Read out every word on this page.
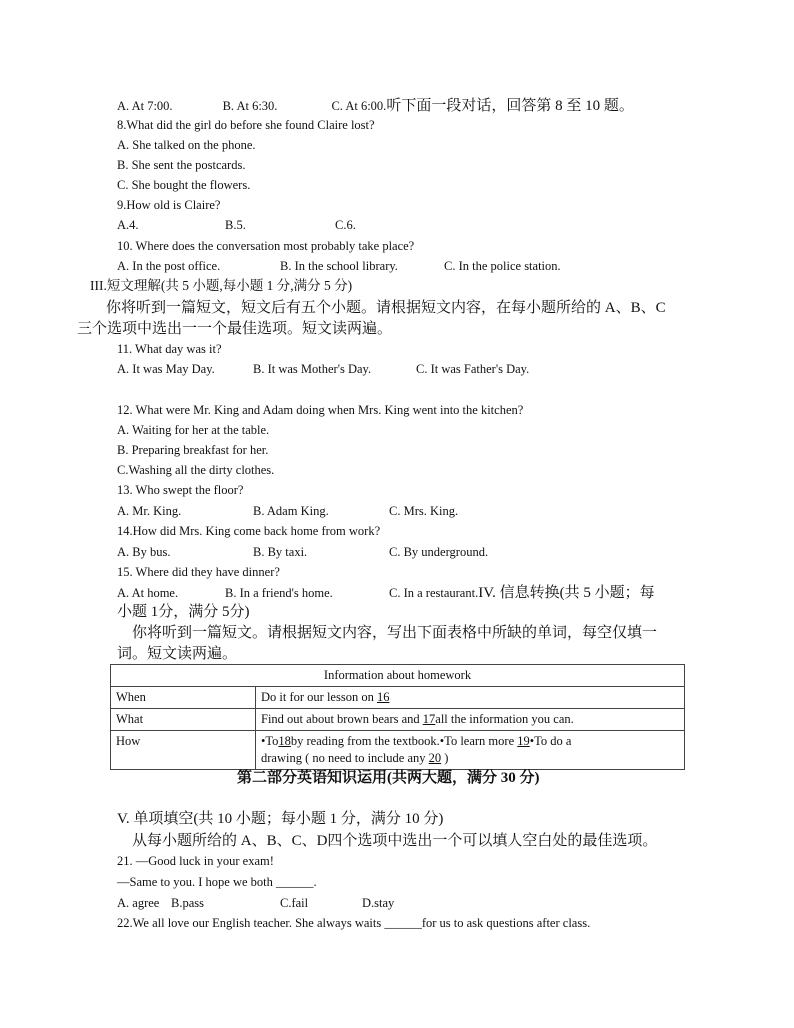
A. At 7:00.	B. At 6:30.	C. At 6:00.听下面一段对话，回答第 8 至 10 题。
8.What did the girl do before she found Claire lost?
A. She talked on the phone.
B. She sent the postcards.
C. She bought the flowers.
9.How old is Claire?
A.4.	B.5.	C.6.
10. Where does the conversation most probably take place?
A. In the post office.	B. In the school library.	C. In the police station.
III.短文理解(共 5 小题,每小题 1 分,满分 5 分)
你将听到一篇短文，短文后有五个小题。请根据短文内容，在每小题所给的 A、B、C
三个选项中选出一一个最佳选项。短文读两遍。
11. What day was it?
A. It was May Day.	B. It was Mother's Day.	C. It was Father's Day.
12. What were Mr. King and Adam doing when Mrs. King went into the kitchen?
A. Waiting for her at the table.
B. Preparing breakfast for her.
C.Washing all the dirty clothes.
13. Who swept the floor?
A. Mr. King.	B. Adam King.	C. Mrs. King.
14.How did Mrs. King come back home from work?
A. By bus.	B. By taxi.	C. By underground.
15. Where did they have dinner?
A. At home.	B. In a friend's home.	C. In a restaurant.IV. 信息转换(共 5 小题；每
小题 1分，满分 5分)
你将听到一篇短文。请根据短文内容，写出下面表格中所缺的单词，每空仅填一
词。短文读两遍。
Information about homework	
When	Do it for our lesson on 16
What	Find out about brown bears and 17all the information you can.
How	•To18by reading from the textbook.•To learn more 19•To do a
drawing ( no need to include any 20 )
第二部分英语知识运用(共两大题，满分 30 分)
V. 单项填空(共 10 小题；每小题 1 分，满分 10 分)
从每小题所给的 A、B、C、D四个选项中选出一个可以填人空白处的最佳选项。
21. —Good luck in your exam!
—Same to you. I hope we both ______.
A. agree B.pass	C.fail	D.stay
22.We all love our English teacher. She always waits ______for us to ask questions after class.
